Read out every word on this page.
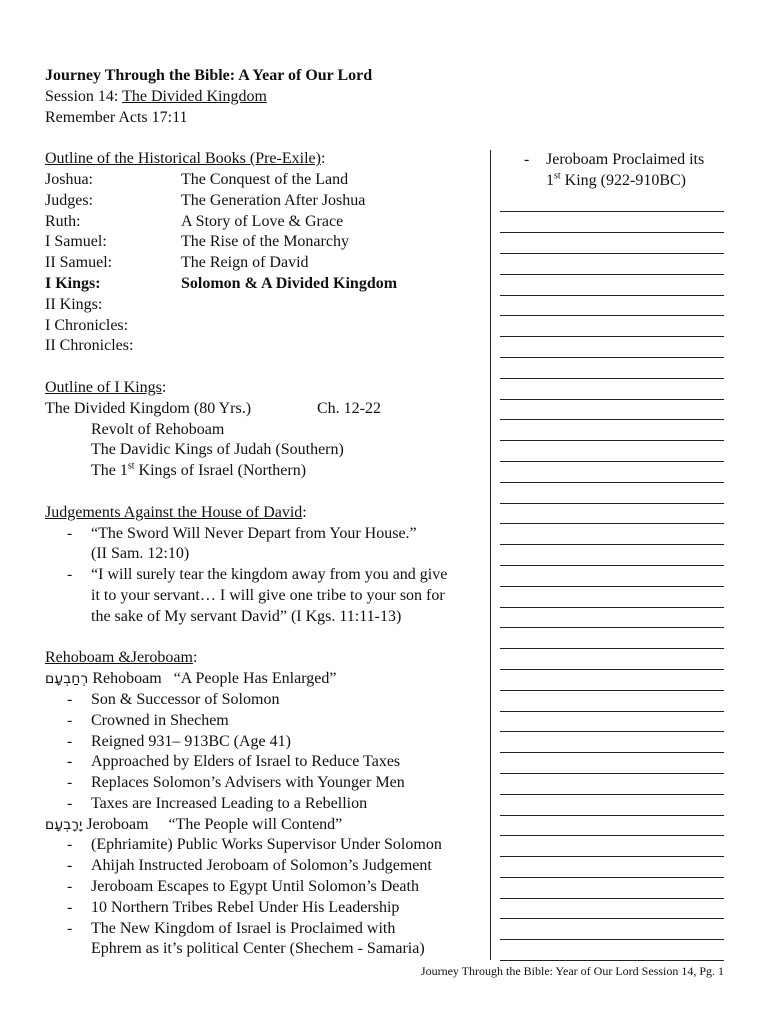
Journey Through the Bible: A Year of Our Lord
Session 14: The Divided Kingdom
Remember Acts 17:11
Outline of the Historical Books (Pre-Exile):
Joshua:	The Conquest of the Land
Judges:	The Generation After Joshua
Ruth:	A Story of Love & Grace
I Samuel:	The Rise of the Monarchy
II Samuel:	The Reign of David
I Kings:	Solomon & A Divided Kingdom
II Kings:
I Chronicles:
II Chronicles:
Outline of I Kings:
The Divided Kingdom (80 Yrs.)	Ch. 12-22
Revolt of Rehoboam
The Davidic Kings of Judah (Southern)
The 1st Kings of Israel (Northern)
Judgements Against the House of David:
- “The Sword Will Never Depart from Your House.”
(II Sam. 12:10)
- “I will surely tear the kingdom away from you and give
it to your servant… I will give one tribe to your son for
the sake of My servant David” (I Kgs. 11:11-13)
Rehoboam &Jeroboam:
רְחַבְעָם Rehoboam   “A People Has Enlarged”
- Son & Successor of Solomon
- Crowned in Shechem
- Reigned 931– 913BC (Age 41)
- Approached by Elders of Israel to Reduce Taxes
- Replaces Solomon’s Advisers with Younger Men
- Taxes are Increased Leading to a Rebellion
יָרָבְעָם Jeroboam     “The People will Contend”
- (Ephriamite) Public Works Supervisor Under Solomon
- Ahijah Instructed Jeroboam of Solomon’s Judgement
- Jeroboam Escapes to Egypt Until Solomon’s Death
- 10 Northern Tribes Rebel Under His Leadership
- The New Kingdom of Israel is Proclaimed with
Ephrem as it’s political Center (Shechem - Samaria)
- Jeroboam Proclaimed its
1st King (922-910BC)
Journey Through the Bible: Year of Our Lord Session 14, Pg. 1
